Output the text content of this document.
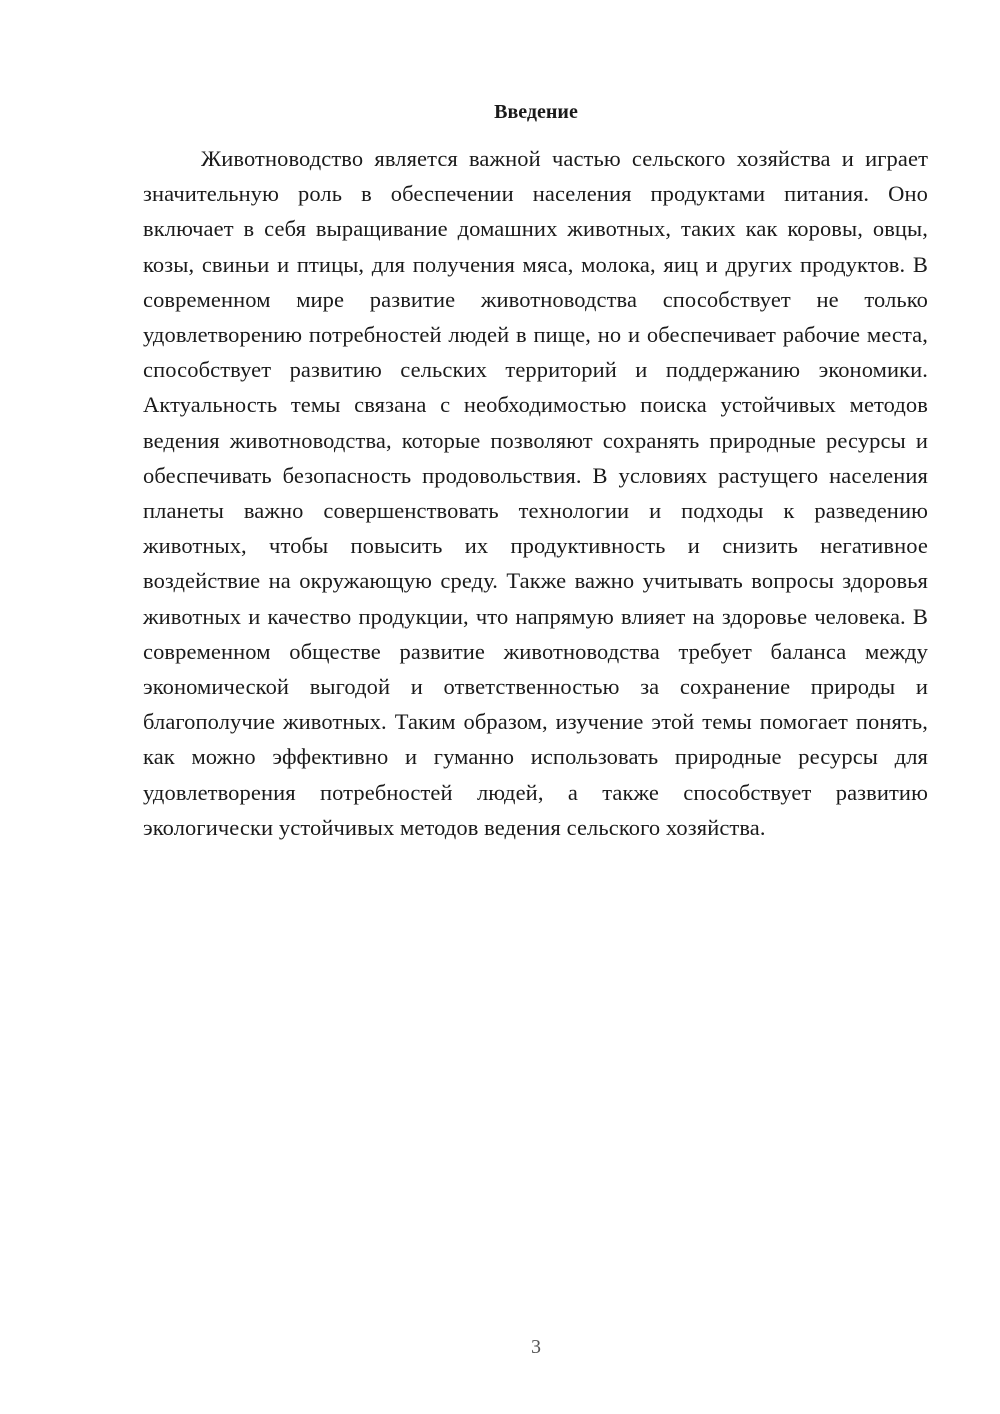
Введение

Животноводство является важной частью сельского хозяйства и играет значительную роль в обеспечении населения продуктами питания. Оно включает в себя выращивание домашних животных, таких как коровы, овцы, козы, свиньи и птицы, для получения мяса, молока, яиц и других продуктов. В современном мире развитие животноводства способствует не только удовлетворению потребностей людей в пище, но и обеспечивает рабочие места, способствует развитию сельских территорий и поддержанию экономики. Актуальность темы связана с необходимостью поиска устойчивых методов ведения животноводства, которые позволяют сохранять природные ресурсы и обеспечивать безопасность продовольствия. В условиях растущего населения планеты важно совершенствовать технологии и подходы к разведению животных, чтобы повысить их продуктивность и снизить негативное воздействие на окружающую среду. Также важно учитывать вопросы здоровья животных и качество продукции, что напрямую влияет на здоровье человека. В современном обществе развитие животноводства требует баланса между экономической выгодой и ответственностью за сохранение природы и благополучие животных. Таким образом, изучение этой темы помогает понять, как можно эффективно и гуманно использовать природные ресурсы для удовлетворения потребностей людей, а также способствует развитию экологически устойчивых методов ведения сельского хозяйства.

3
